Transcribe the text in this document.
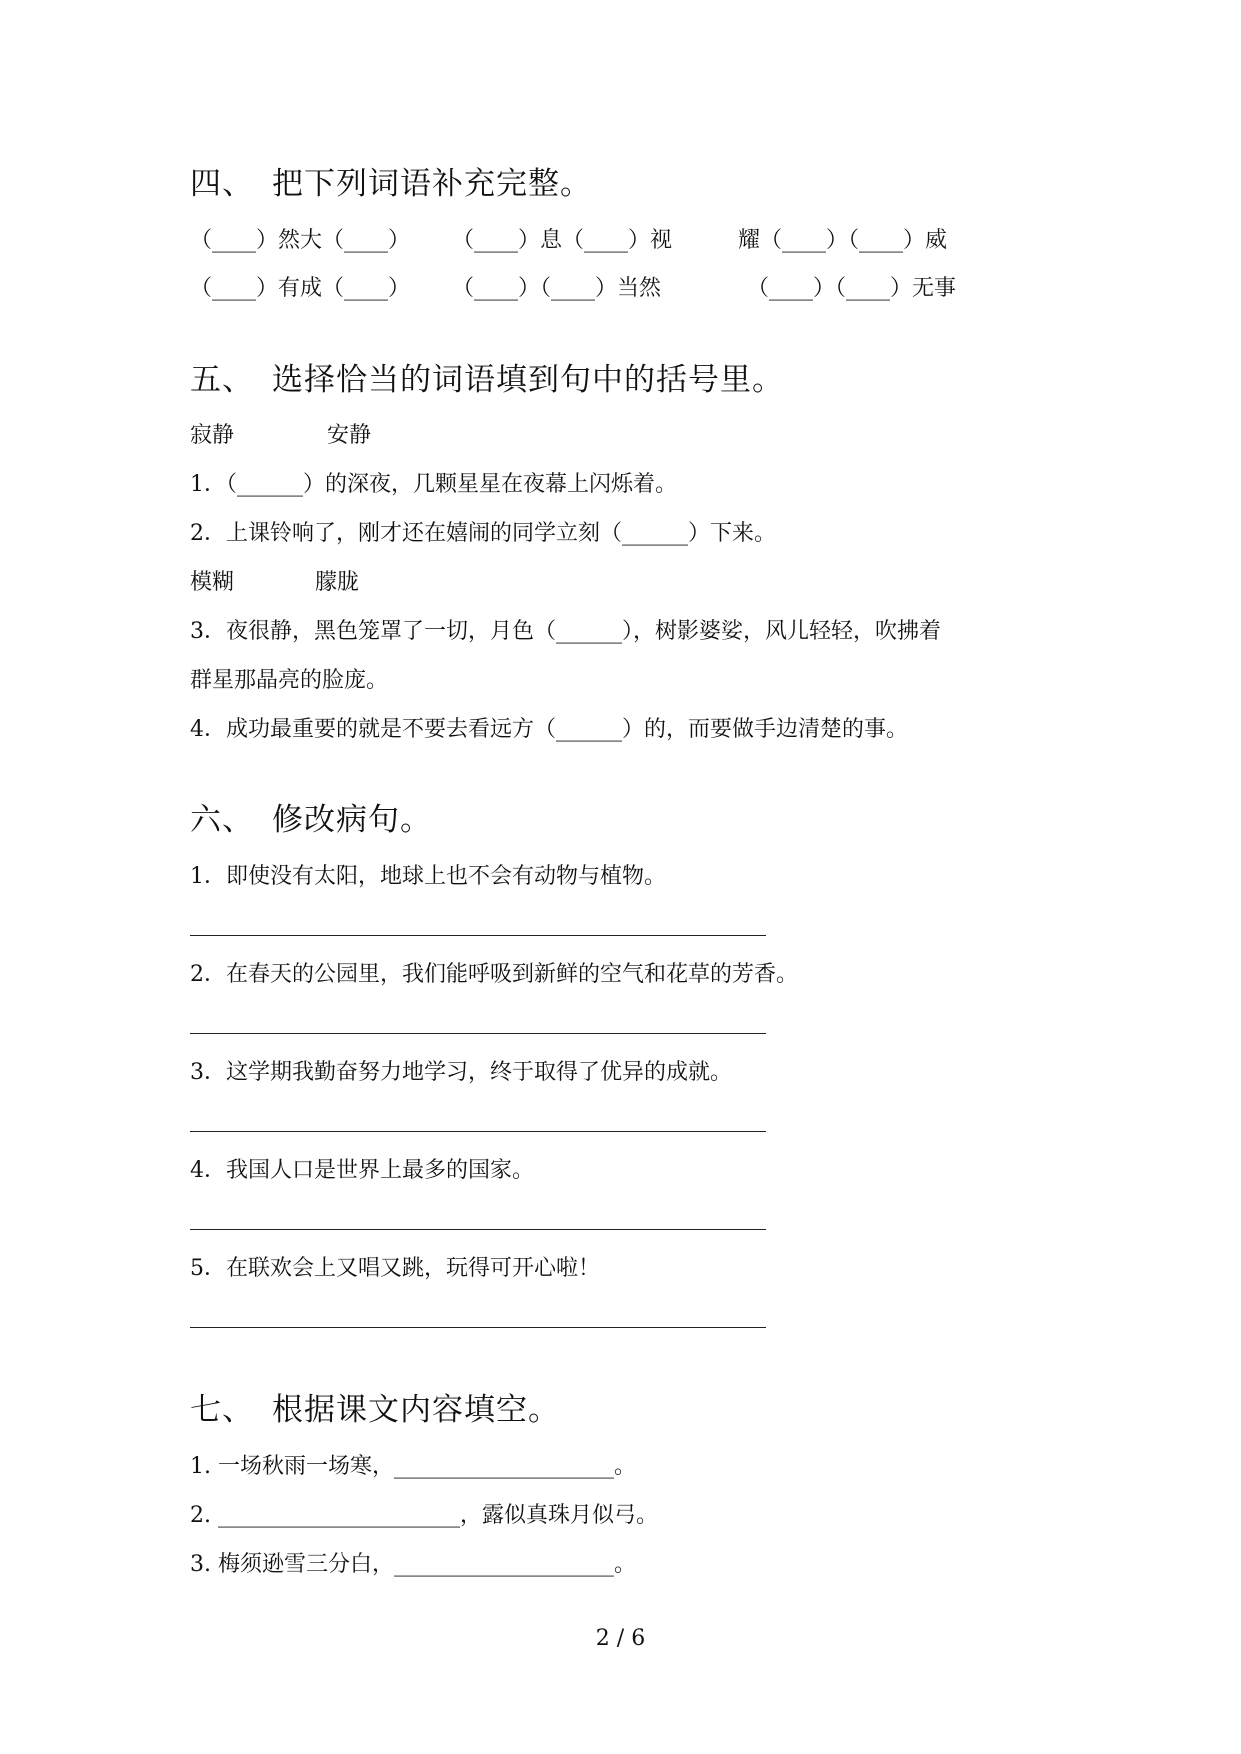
四、 把下列词语补充完整。
（____）然大（____） （____）息（____）视	耀（____）（____）威
（____）有成（____） （____）（____）当然	（____）（____）无事
五、 选择恰当的词语填到句中的括号里。
寂静	安静
1．（______）的深夜，几颗星星在夜幕上闪烁着。
2．上课铃响了，刚才还在嬉闹的同学立刻（______）下来。
模糊	朦胧
3．夜很静，黑色笼罩了一切，月色（______），树影婆娑，风儿轻轻，吹拂着
群星那晶亮的脸庞。
4．成功最重要的就是不要去看远方（______）的，而要做手边清楚的事。
六、 修改病句。
1．即使没有太阳，地球上也不会有动物与植物。
2．在春天的公园里，我们能呼吸到新鲜的空气和花草的芳香。
3．这学期我勤奋努力地学习，终于取得了优异的成就。
4．我国人口是世界上最多的国家。
5．在联欢会上又唱又跳，玩得可开心啦！
七、 根据课文内容填空。
1. 一场秋雨一场寒，____________________。
2. ______________________，露似真珠月似弓。
3. 梅须逊雪三分白，____________________。
2 / 6
